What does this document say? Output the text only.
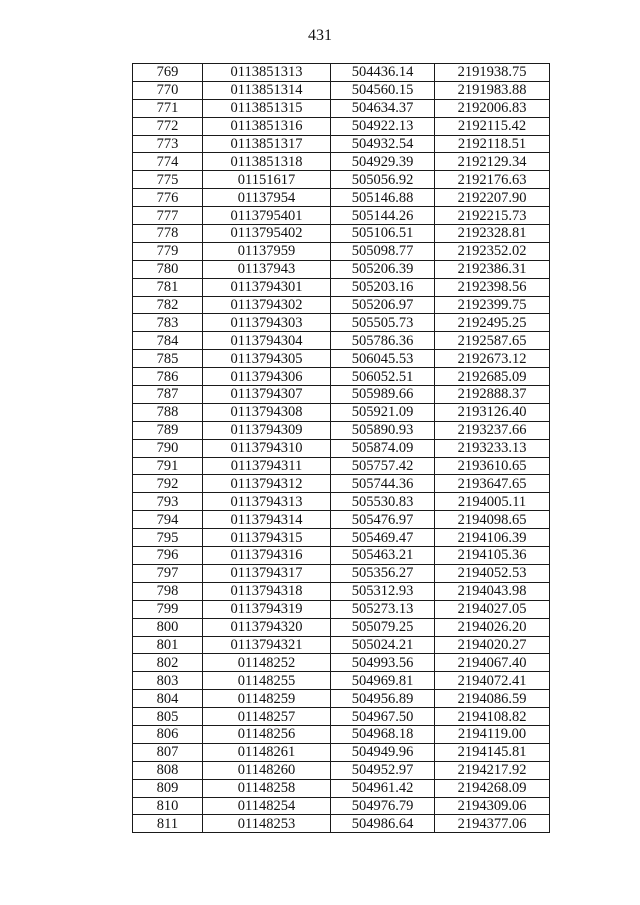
431
769	0113851313	504436.14	2191938.75
770	0113851314	504560.15	2191983.88
771	0113851315	504634.37	2192006.83
772	0113851316	504922.13	2192115.42
773	0113851317	504932.54	2192118.51
774	0113851318	504929.39	2192129.34
775	01151617	505056.92	2192176.63
776	01137954	505146.88	2192207.90
777	0113795401	505144.26	2192215.73
778	0113795402	505106.51	2192328.81
779	01137959	505098.77	2192352.02
780	01137943	505206.39	2192386.31
781	0113794301	505203.16	2192398.56
782	0113794302	505206.97	2192399.75
783	0113794303	505505.73	2192495.25
784	0113794304	505786.36	2192587.65
785	0113794305	506045.53	2192673.12
786	0113794306	506052.51	2192685.09
787	0113794307	505989.66	2192888.37
788	0113794308	505921.09	2193126.40
789	0113794309	505890.93	2193237.66
790	0113794310	505874.09	2193233.13
791	0113794311	505757.42	2193610.65
792	0113794312	505744.36	2193647.65
793	0113794313	505530.83	2194005.11
794	0113794314	505476.97	2194098.65
795	0113794315	505469.47	2194106.39
796	0113794316	505463.21	2194105.36
797	0113794317	505356.27	2194052.53
798	0113794318	505312.93	2194043.98
799	0113794319	505273.13	2194027.05
800	0113794320	505079.25	2194026.20
801	0113794321	505024.21	2194020.27
802	01148252	504993.56	2194067.40
803	01148255	504969.81	2194072.41
804	01148259	504956.89	2194086.59
805	01148257	504967.50	2194108.82
806	01148256	504968.18	2194119.00
807	01148261	504949.96	2194145.81
808	01148260	504952.97	2194217.92
809	01148258	504961.42	2194268.09
810	01148254	504976.79	2194309.06
811	01148253	504986.64	2194377.06
